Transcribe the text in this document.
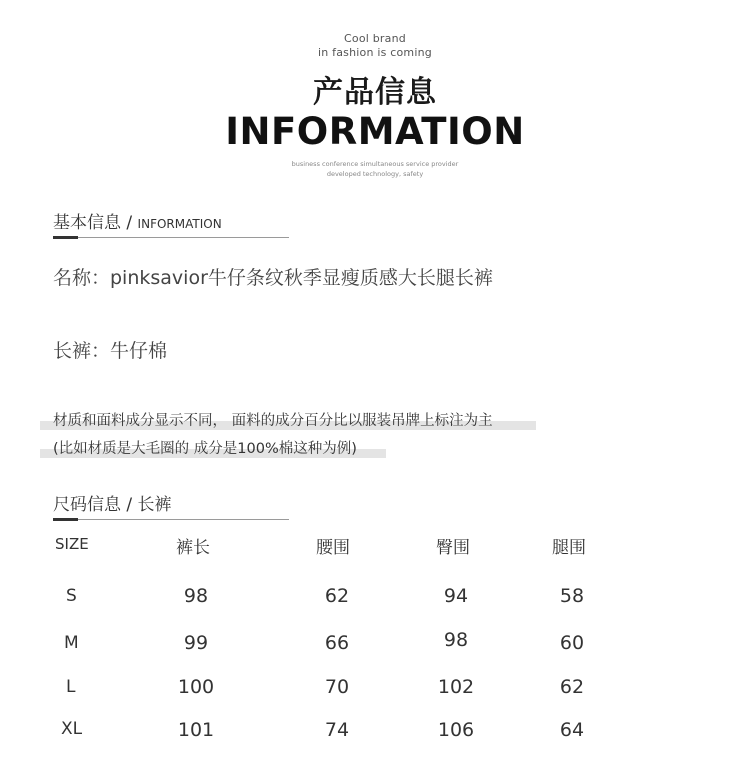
Cool brand
in fashion is coming
产品信息
INFORMATION
business conference simultaneous service provider
developed technology, safety
基本信息 / INFORMATION
名称：pinksavior牛仔条纹秋季显瘦质感大长腿长裤
长裤：牛仔棉
材质和面料成分显示不同， 面料的成分百分比以服装吊牌上标注为主
(比如材质是大毛圈的 成分是100%棉这种为例)
尺码信息 / 长裤
SIZE	裤长	腰围	臀围	腿围
S	98	62	94	58
M	99	66	98	60
L	100	70	102	62
XL	101	74	106	64
